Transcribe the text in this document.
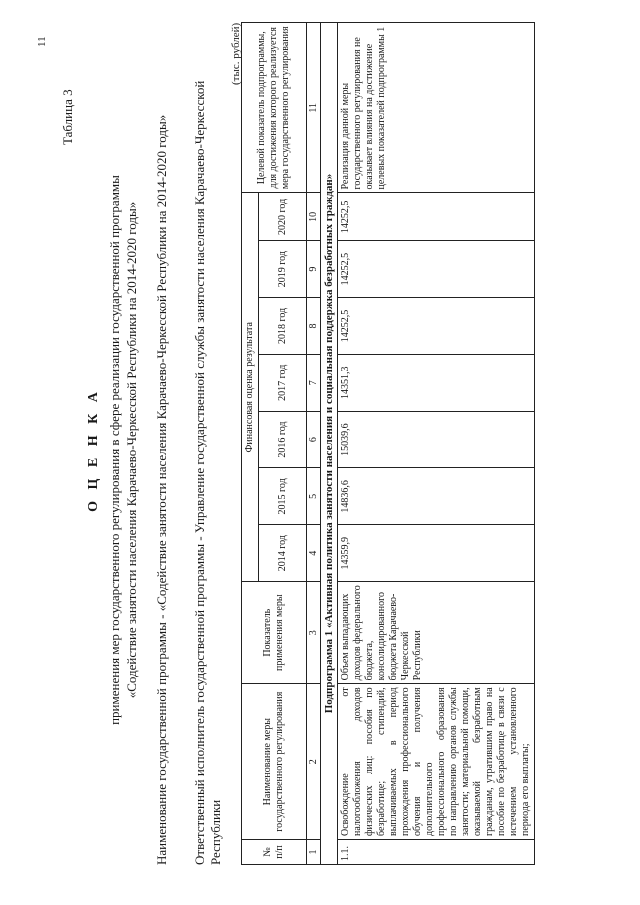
11
Таблица 3
О Ц Е Н К А применения мер государственного регулирования в сфере реализации государственной программы «Содействие занятости населения Карачаево-Черкесской Республики на 2014-2020 годы» Наименование государственной программы - «Содействие занятости населения Карачаево-Черкесской Республики на 2014-2020 годы» Ответственный исполнитель государственной программы - Управление государственной службы занятости населения Карачаево-Черкесской Республики
(тыс. рублей)
№ п/п	Наименование меры государственного регулирования	Показатель применения меры	Финансовая оценка результата							Целевой показатель подпрограммы, для достижения которого реализуется мера государственного регулирования
			2014 год	2015 год	2016 год	2017 год	2018 год	2019 год	2020 год	
1	2	3	4	5	6	7	8	9	10	11
Подпрограмма 1 «Активная политика занятости населения и социальная поддержка безработных граждан»										
1.1.	Освобождение от налогообложения доходов физических лиц: пособия по безработице; стипендий, выплачиваемых в период прохождения профессионального обучения и получения дополнительного профессионального образования по направлению органов службы занятости; материальной помощи, оказываемой безработным гражданам, утратившим право на пособие по безработице в связи с истечением установленного периода его выплаты;	Объем выпадающих доходов федерального бюджета, консолидированного бюджета Карачаево-Черкесской Республики	14359,9	14836,6	15039,6	14351,3	14252,5	14252,5	14252,5	Реализация данной меры государственного регулирования не оказывает влияния на достижение целевых показателей подпрограммы 1
